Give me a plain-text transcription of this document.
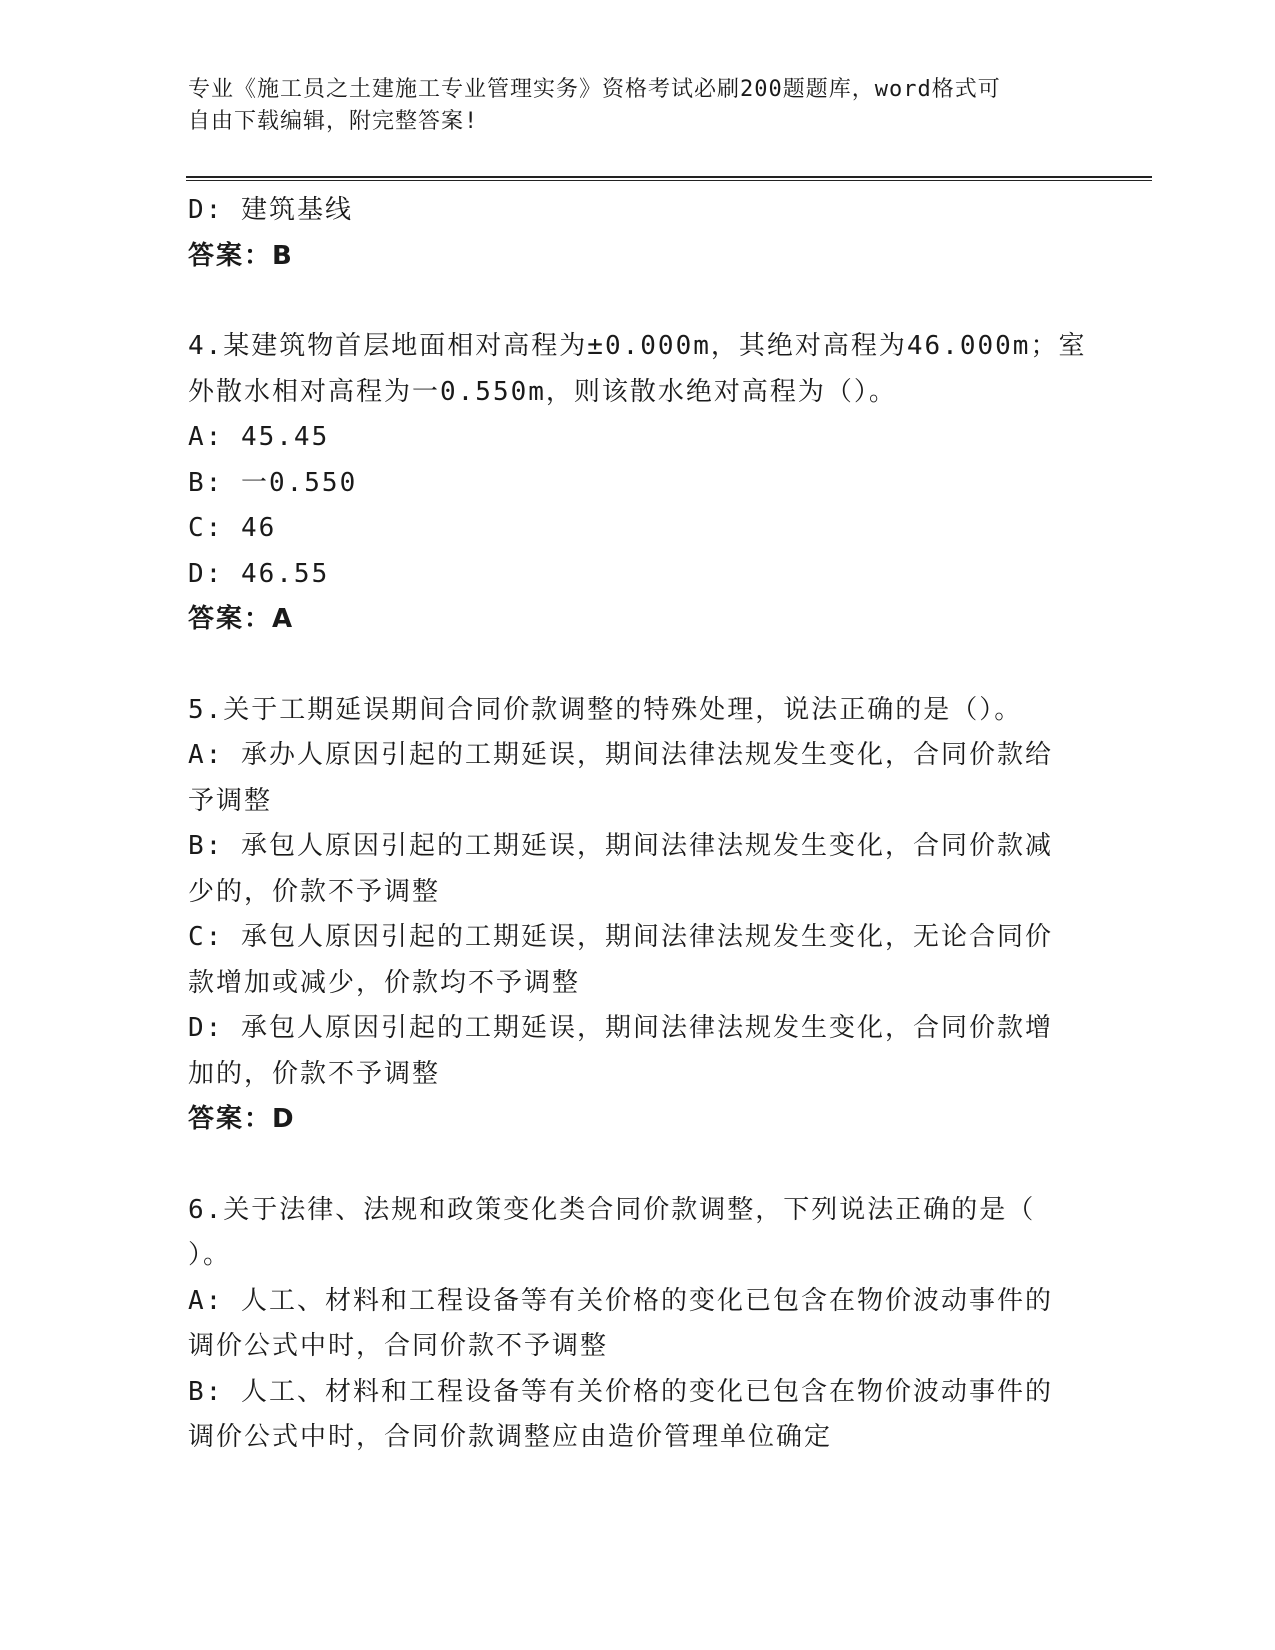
专业《施工员之土建施工专业管理实务》资格考试必刷200题题库，word格式可
自由下载编辑，附完整答案!
D: 建筑基线
答案：B
4.某建筑物首层地面相对高程为±0.000m，其绝对高程为46.000m；室
外散水相对高程为一0.550m，则该散水绝对高程为（）。
A: 45.45
B: 一0.550
C: 46
D: 46.55
答案：A
5.关于工期延误期间合同价款调整的特殊处理，说法正确的是（）。
A: 承办人原因引起的工期延误，期间法律法规发生变化，合同价款给
予调整
B: 承包人原因引起的工期延误，期间法律法规发生变化，合同价款减
少的，价款不予调整
C: 承包人原因引起的工期延误，期间法律法规发生变化，无论合同价
款增加或减少，价款均不予调整
D: 承包人原因引起的工期延误，期间法律法规发生变化，合同价款增
加的，价款不予调整
答案：D
6.关于法律、法规和政策变化类合同价款调整，下列说法正确的是（
）。
A: 人工、材料和工程设备等有关价格的变化已包含在物价波动事件的
调价公式中时，合同价款不予调整
B: 人工、材料和工程设备等有关价格的变化已包含在物价波动事件的
调价公式中时，合同价款调整应由造价管理单位确定
